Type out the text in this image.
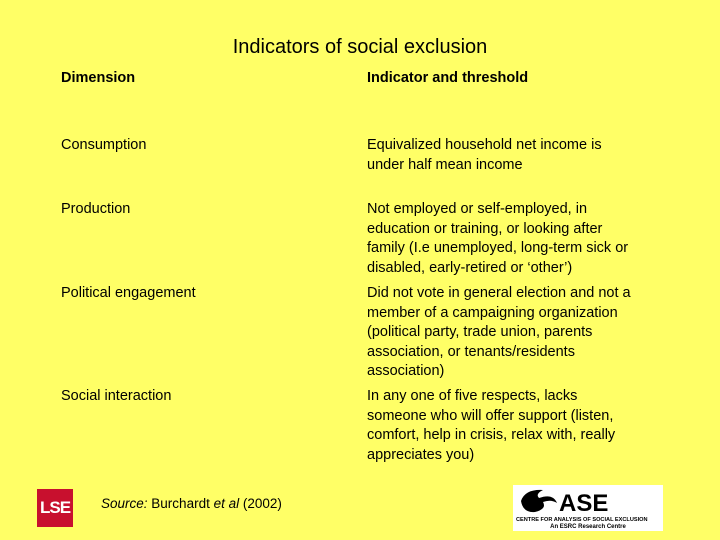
Indicators of social exclusion
Dimension	Indicator and threshold
Consumption	Equivalized household net income is
under half mean income
Production	Not employed or self-employed, in
education or training, or looking after
family (I.e unemployed, long-term sick or
disabled, early-retired or ‘other’)
Political engagement	Did not vote in general election and not a
member of a campaigning organization
(political party, trade union, parents
association, or tenants/residents
association)
Social interaction	In any one of five respects, lacks
someone who will offer support (listen,
comfort, help in crisis, relax with, really
appreciates you)
LSE Source: Burchardt et al (2002)	ASE
CENTRE FOR ANALYSIS OF SOCIAL EXCLUSION
An ESRC Research Centre
